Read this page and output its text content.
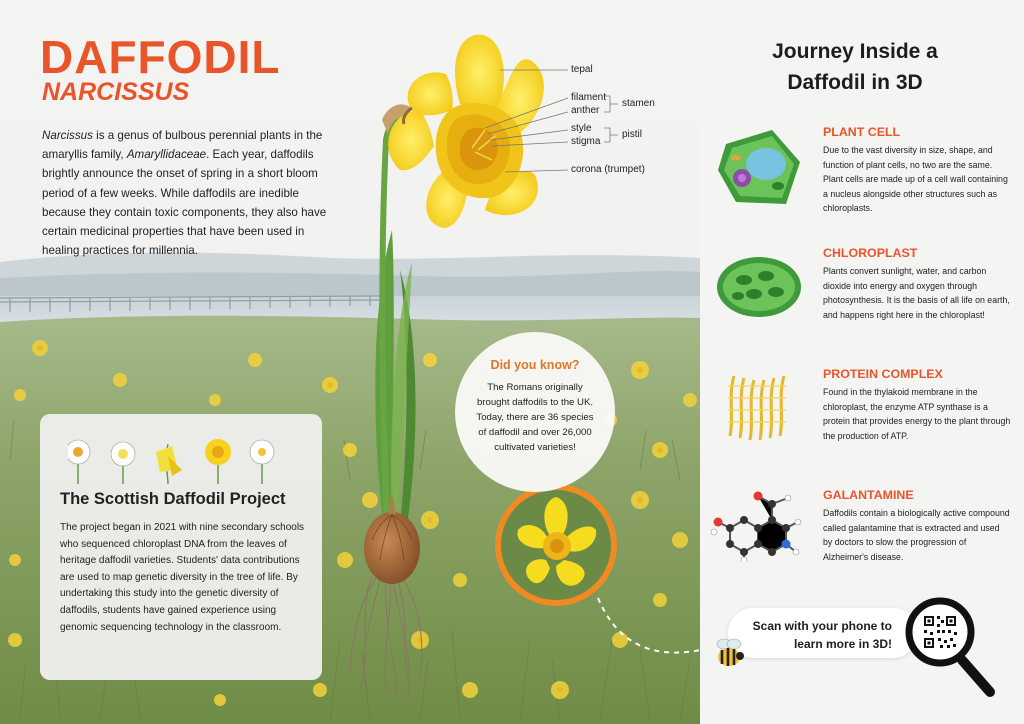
DAFFODIL
NARCISSUS

Narcissus is a genus of bulbous perennial plants in the amaryllis family, Amaryllidaceae. Each year, daffodils brightly announce the onset of spring in a short bloom period of a few weeks. While daffodils are inedible because they contain toxic components, they also have certain medicinal properties that have been used in healing practices for millennia.

tepal
filament
anther
stamen
style
stigma
pistil
corona (trumpet)
The Scottish Daffodil Project

The project began in 2021 with nine secondary schools who sequenced chloroplast DNA from the leaves of heritage daffodil varieties. Students' data contributions are used to map genetic diversity in the tree of life. By undertaking this study into the genetic diversity of daffodils, students have gained experience using genomic sequencing technology in the classroom.

Did you know?

The Romans originally brought daffodils to the UK. Today, there are 36 species of daffodil and over 26,000 cultivated varieties!

Journey Inside a Daffodil in 3D
PLANT CELL

Due to the vast diversity in size, shape, and function of plant cells, no two are the same. Plant cells are made up of a cell wall containing a nucleus alongside other structures such as chloroplasts.

CHLOROPLAST

Plants convert sunlight, water, and carbon dioxide into energy and oxygen through photosynthesis. It is the basis of all life on earth, and happens right here in the chloroplast!

PROTEIN COMPLEX

Found in the thylakoid membrane in the chloroplast, the enzyme ATP synthase is a protein that provides energy to the plant through the production of ATP.

GALANTAMINE

Daffodils contain a biologically active compound called galantamine that is extracted and used by doctors to slow the progression of Alzheimer's disease.

Scan with your phone to learn more in 3D!
